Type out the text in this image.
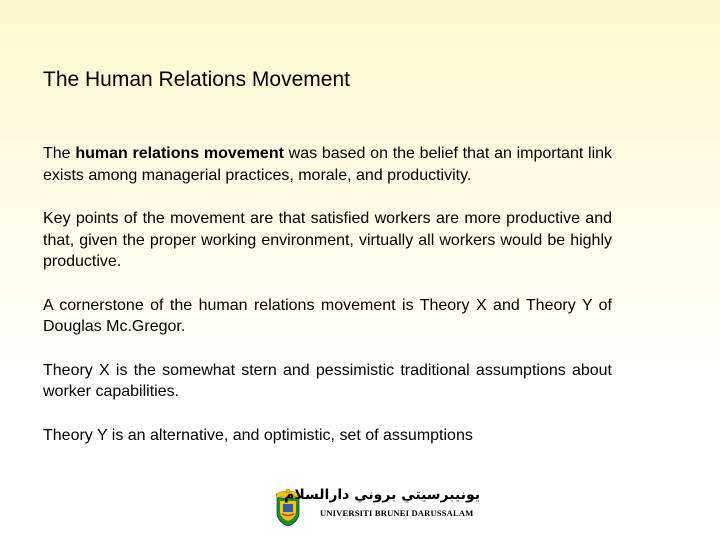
The Human Relations Movement

The human relations movement was based on the belief that an important link exists among managerial practices, morale, and productivity.

Key points of the movement are that satisfied workers are more productive and that, given the proper working environment, virtually all workers would be highly productive.

A cornerstone of the human relations movement is Theory X and Theory Y of Douglas Mc.Gregor.

Theory X is the somewhat stern and pessimistic traditional assumptions about worker capabilities.

Theory Y is an alternative, and optimistic, set of assumptions

يونيبرسيتي بروني دارالسلام
UNIVERSITI BRUNEI DARUSSALAM
